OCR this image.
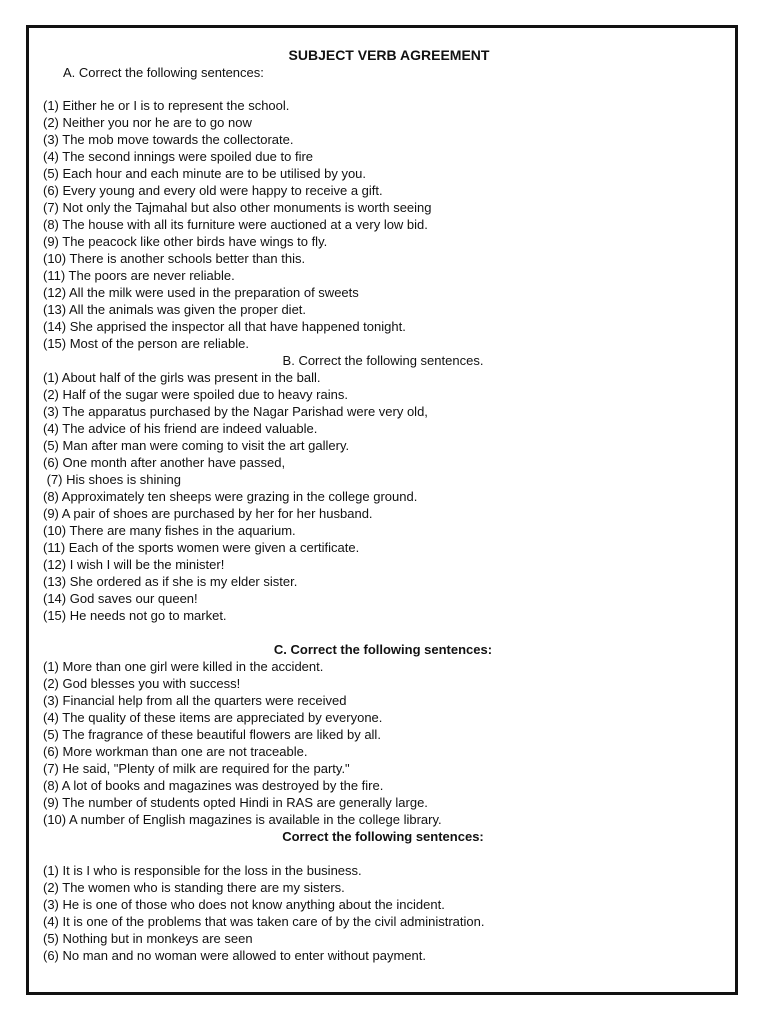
SUBJECT VERB AGREEMENT

A. Correct the following sentences:

(1) Either he or I is to represent the school.

(2) Neither you nor he are to go now

(3) The mob move towards the collectorate.

(4) The second innings were spoiled due to fire

(5) Each hour and each minute are to be utilised by you.

(6) Every young and every old were happy to receive a gift.

(7) Not only the Tajmahal but also other monuments is worth seeing

(8) The house with all its furniture were auctioned at a very low bid.

(9) The peacock like other birds have wings to fly.

(10) There is another schools better than this.

(11) The poors are never reliable.

(12) All the milk were used in the preparation of sweets

(13) All the animals was given the proper diet.

(14) She apprised the inspector all that have happened tonight.

(15) Most of the person are reliable.

B. Correct the following sentences.

(1) About half of the girls was present in the ball.

(2) Half of the sugar were spoiled due to heavy rains.

(3) The apparatus purchased by the Nagar Parishad were very old,

(4) The advice of his friend are indeed valuable.

(5) Man after man were coming to visit the art gallery.

(6) One month after another have passed,

(7) His shoes is shining

(8) Approximately ten sheeps were grazing in the college ground.

(9) A pair of shoes are purchased by her for her husband.

(10) There are many fishes in the aquarium.

(11) Each of the sports women were given a certificate.

(12) I wish I will be the minister!

(13) She ordered as if she is my elder sister.

(14) God saves our queen!

(15) He needs not go to market.

C. Correct the following sentences:

(1) More than one girl were killed in the accident.

(2) God blesses you with success!

(3) Financial help from all the quarters were received

(4) The quality of these items are appreciated by everyone.

(5) The fragrance of these beautiful flowers are liked by all.

(6) More workman than one are not traceable.

(7) He said, "Plenty of milk are required for the party."

(8) A lot of books and magazines was destroyed by the fire.

(9) The number of students opted Hindi in RAS are generally large.

(10) A number of English magazines is available in the college library.

Correct the following sentences:

(1) It is I who is responsible for the loss in the business.

(2) The women who is standing there are my sisters.

(3) He is one of those who does not know anything about the incident.

(4) It is one of the problems that was taken care of by the civil administration.

(5) Nothing but in monkeys are seen

(6) No man and no woman were allowed to enter without payment.
